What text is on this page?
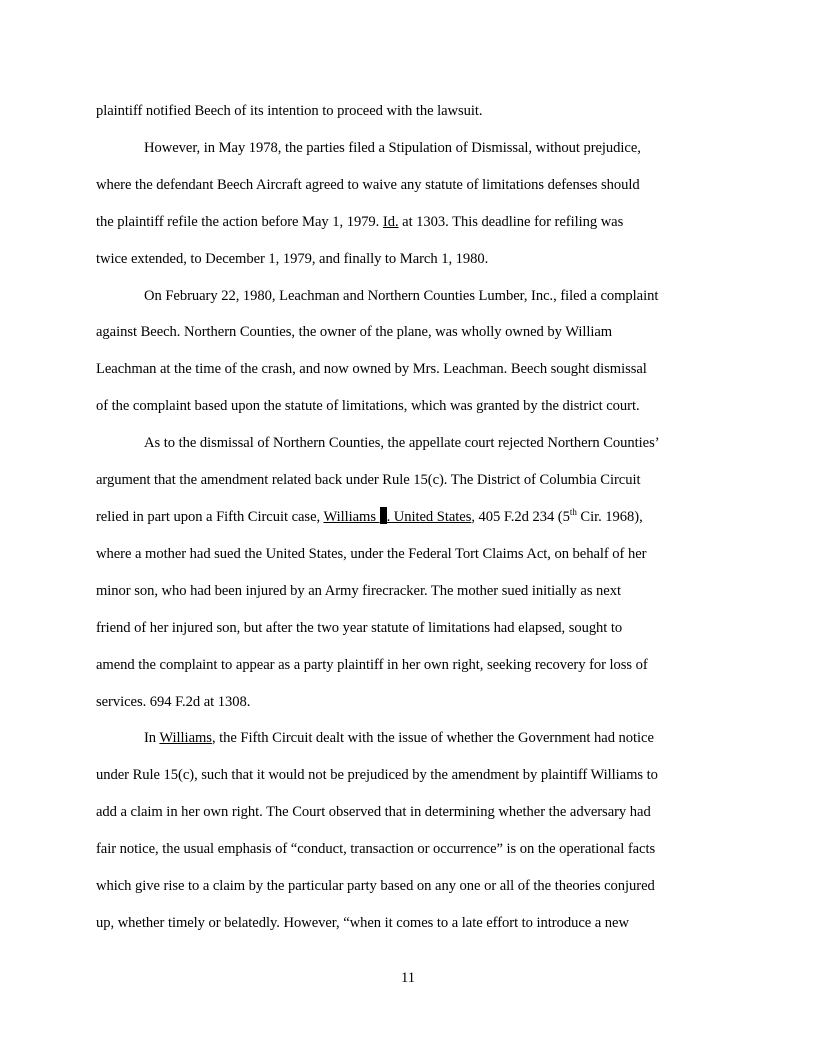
plaintiff notified Beech of its intention to proceed with the lawsuit.
However, in May 1978, the parties filed a Stipulation of Dismissal, without prejudice,
where the defendant Beech Aircraft agreed to waive any statute of limitations defenses should
the plaintiff refile the action before May 1, 1979. Id. at 1303. This deadline for refiling was
twice extended, to December 1, 1979, and finally to March 1, 1980.
On February 22, 1980, Leachman and Northern Counties Lumber, Inc., filed a complaint
against Beech. Northern Counties, the owner of the plane, was wholly owned by William
Leachman at the time of the crash, and now owned by Mrs. Leachman. Beech sought dismissal
of the complaint based upon the statute of limitations, which was granted by the district court.
As to the dismissal of Northern Counties, the appellate court rejected Northern Counties’
argument that the amendment related back under Rule 15(c). The District of Columbia Circuit
relied in part upon a Fifth Circuit case, Williams . United States, 405 F.2d 234 (5th Cir. 1968),
where a mother had sued the United States, under the Federal Tort Claims Act, on behalf of her
minor son, who had been injured by an Army firecracker. The mother sued initially as next
friend of her injured son, but after the two year statute of limitations had elapsed, sought to
amend the complaint to appear as a party plaintiff in her own right, seeking recovery for loss of
services. 694 F.2d at 1308.
In Williams, the Fifth Circuit dealt with the issue of whether the Government had notice
under Rule 15(c), such that it would not be prejudiced by the amendment by plaintiff Williams to
add a claim in her own right. The Court observed that in determining whether the adversary had
fair notice, the usual emphasis of “conduct, transaction or occurrence” is on the operational facts
which give rise to a claim by the particular party based on any one or all of the theories conjured
up, whether timely or belatedly. However, “when it comes to a late effort to introduce a new
11
